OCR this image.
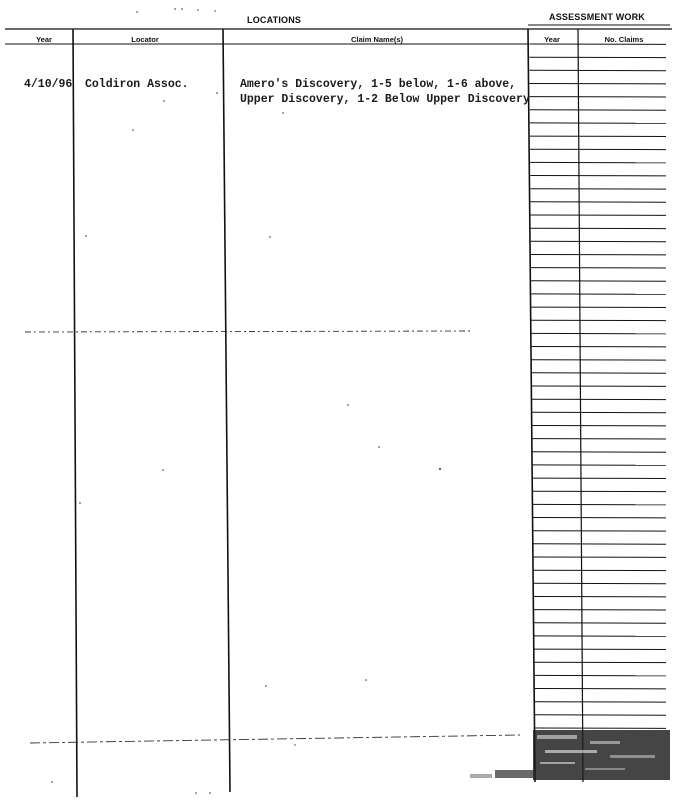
LOCATIONS	ASSESSMENT WORK
Year	Locator	Claim Name(s)	Year	No. Claims
4/10/96 Coldiron Assoc.	Amero's Discovery, 1-5 below, 1-6 above,
Upper Discovery, 1-2 Below Upper Discovery
